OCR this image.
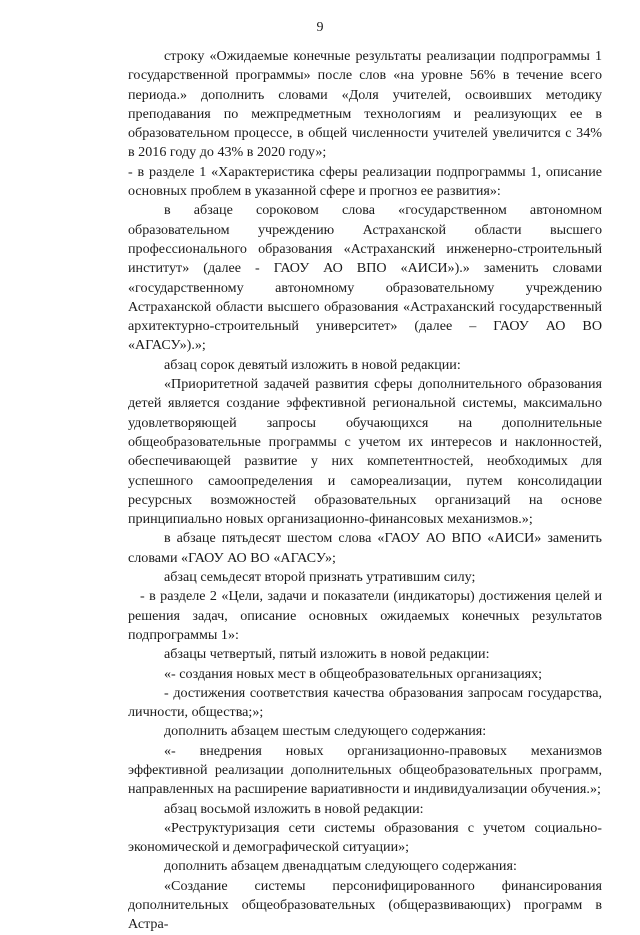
9

строку «Ожидаемые конечные результаты реализации подпрограммы 1 государственной программы» после слов «на уровне 56% в течение всего периода.» дополнить словами «Доля учителей, освоивших методику преподавания по межпредметным технологиям и реализующих ее в образовательном процессе, в общей численности учителей увеличится с 34% в 2016 году до 43% в 2020 году»;

- в разделе 1 «Характеристика сферы реализации подпрограммы 1, описание основных проблем в указанной сфере и прогноз ее развития»:

в абзаце сороковом слова «государственном автономном образовательном учреждению Астраханской области высшего профессионального образования «Астраханский инженерно-строительный институт» (далее - ГАОУ АО ВПО «АИСИ»).» заменить словами «государственному автономному образовательному учреждению Астраханской области высшего образования «Астраханский государственный архитектурно-строительный университет» (далее – ГАОУ АО ВО «АГАСУ»).»;

абзац сорок девятый изложить в новой редакции:

«Приоритетной задачей развития сферы дополнительного образования детей является создание эффективной региональной системы, максимально удовлетворяющей запросы обучающихся на дополнительные общеобразовательные программы с учетом их интересов и наклонностей, обеспечивающей развитие у них компетентностей, необходимых для успешного самоопределения и самореализации, путем консолидации ресурсных возможностей образовательных организаций на основе принципиально новых организационно-финансовых механизмов.»;

в абзаце пятьдесят шестом слова «ГАОУ АО ВПО «АИСИ» заменить словами «ГАОУ АО ВО «АГАСУ»;

абзац семьдесят второй признать утратившим силу;

- в разделе 2 «Цели, задачи и показатели (индикаторы) достижения целей и решения задач, описание основных ожидаемых конечных результатов подпрограммы 1»:

абзацы четвертый, пятый изложить в новой редакции:

«- создания новых мест в общеобразовательных организациях;

- достижения соответствия качества образования запросам государства, личности, общества;»;

дополнить абзацем шестым следующего содержания:

«- внедрения новых организационно-правовых механизмов эффективной реализации дополнительных общеобразовательных программ, направленных на расширение вариативности и индивидуализации обучения.»;

абзац восьмой изложить в новой редакции:

«Реструктуризация сети системы образования с учетом социально-экономической и демографической ситуации»;

дополнить абзацем двенадцатым следующего содержания:

«Создание системы персонифицированного финансирования дополнительных общеобразовательных (общеразвивающих) программ в Астра-
